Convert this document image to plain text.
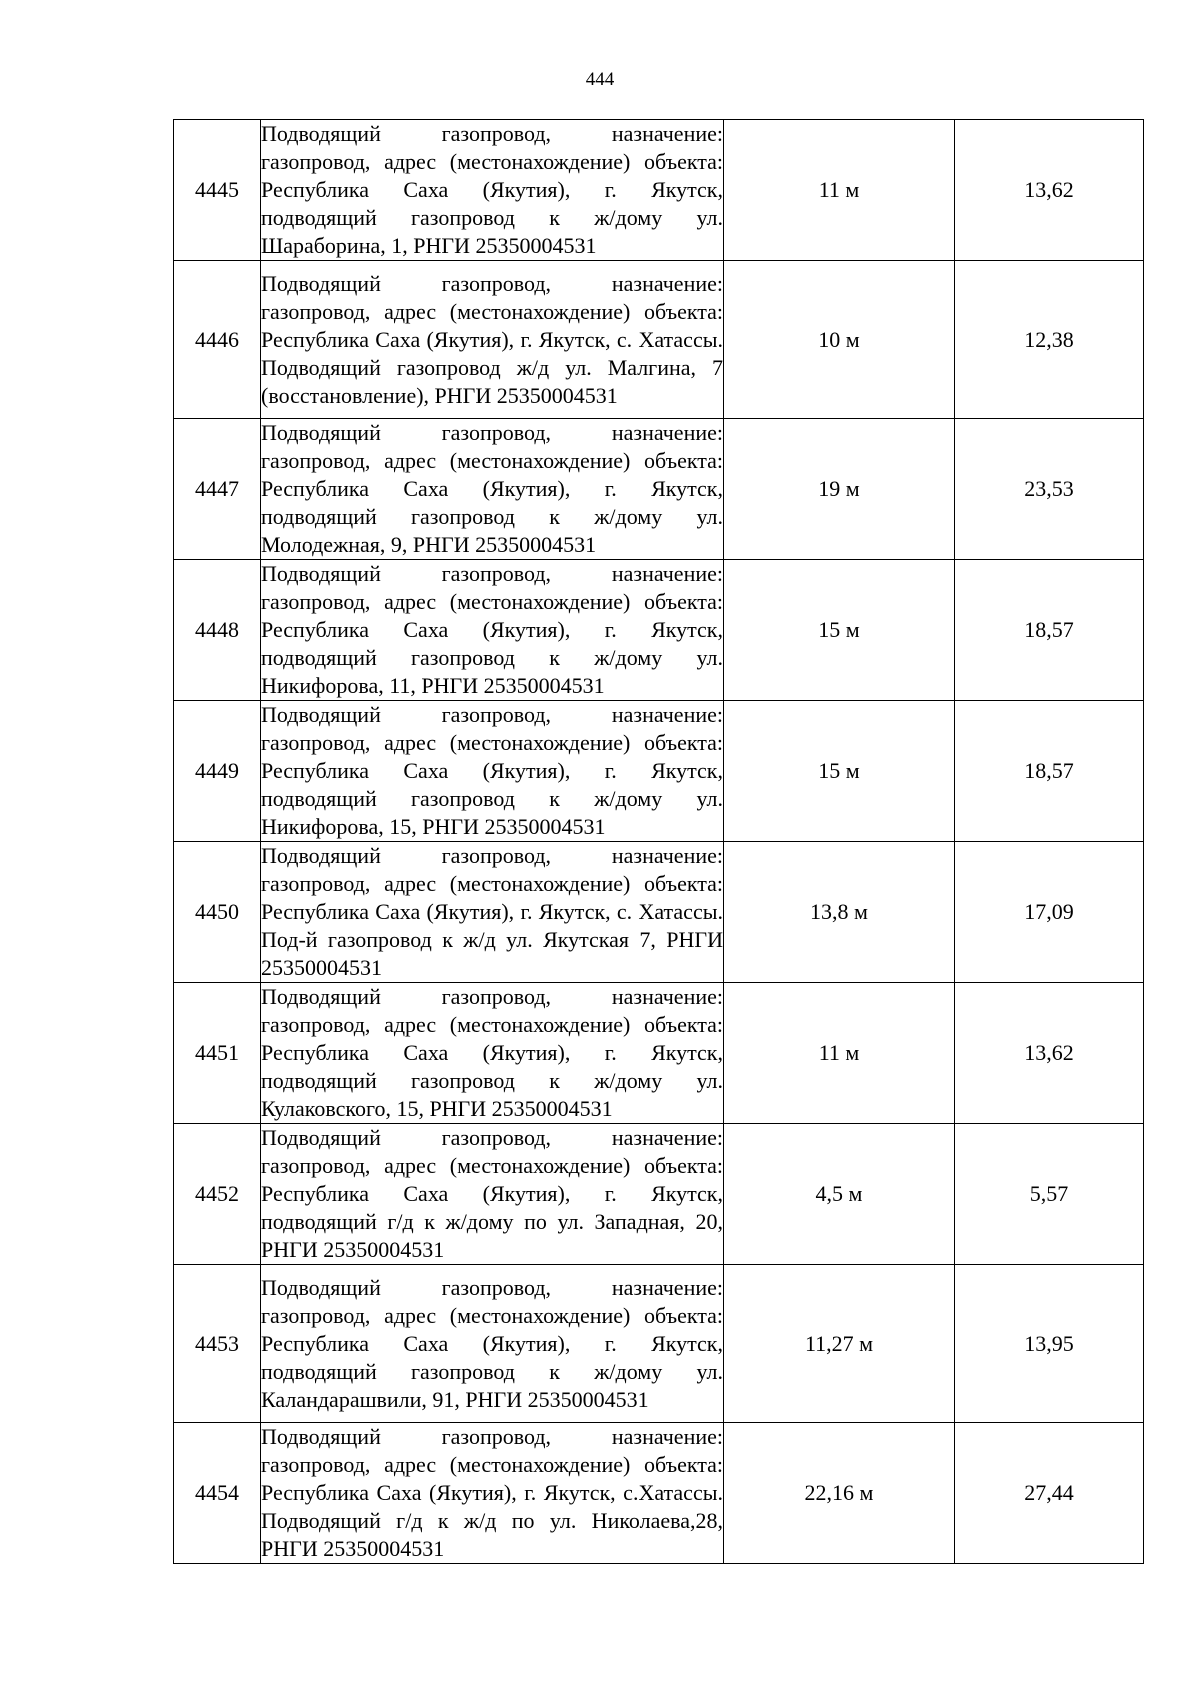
444
4445	Подводящий газопровод, назначение: газопровод, адрес (местонахождение) объекта: Республика Саха (Якутия), г. Якутск, подводящий газопровод к ж/дому ул. Шараборина, 1, РНГИ 25350004531	11 м	13,62
4446	Подводящий газопровод, назначение: газопровод, адрес (местонахождение) объекта: Республика Саха (Якутия), г. Якутск, с. Хатассы. Подводящий газопровод ж/д ул. Малгина, 7 (восстановление), РНГИ 25350004531	10 м	12,38
4447	Подводящий газопровод, назначение: газопровод, адрес (местонахождение) объекта: Республика Саха (Якутия), г. Якутск, подводящий газопровод к ж/дому ул. Молодежная, 9, РНГИ 25350004531	19 м	23,53
4448	Подводящий газопровод, назначение: газопровод, адрес (местонахождение) объекта: Республика Саха (Якутия), г. Якутск, подводящий газопровод к ж/дому ул. Никифорова, 11, РНГИ 25350004531	15 м	18,57
4449	Подводящий газопровод, назначение: газопровод, адрес (местонахождение) объекта: Республика Саха (Якутия), г. Якутск, подводящий газопровод к ж/дому ул. Никифорова, 15, РНГИ 25350004531	15 м	18,57
4450	Подводящий газопровод, назначение: газопровод, адрес (местонахождение) объекта: Республика Саха (Якутия), г. Якутск, с. Хатассы. Под-й газопровод к ж/д ул. Якутская 7, РНГИ 25350004531	13,8 м	17,09
4451	Подводящий газопровод, назначение: газопровод, адрес (местонахождение) объекта: Республика Саха (Якутия), г. Якутск, подводящий газопровод к ж/дому ул. Кулаковского, 15, РНГИ 25350004531	11 м	13,62
4452	Подводящий газопровод, назначение: газопровод, адрес (местонахождение) объекта: Республика Саха (Якутия), г. Якутск, подводящий г/д к ж/дому по ул. Западная, 20, РНГИ 25350004531	4,5 м	5,57
4453	Подводящий газопровод, назначение: газопровод, адрес (местонахождение) объекта: Республика Саха (Якутия), г. Якутск, подводящий газопровод к ж/дому ул. Каландарашвили, 91, РНГИ 25350004531	11,27 м	13,95
4454	Подводящий газопровод, назначение: газопровод, адрес (местонахождение) объекта: Республика Саха (Якутия), г. Якутск, с.Хатассы. Подводящий г/д к ж/д по ул. Николаева,28, РНГИ 25350004531	22,16 м	27,44
